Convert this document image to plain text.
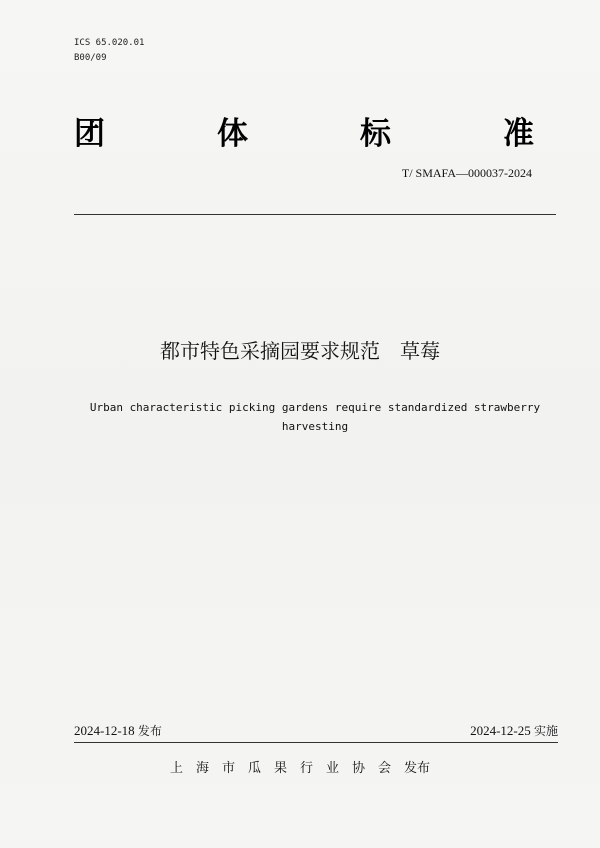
ICS 65.020.01
B00/09
团	体	标	准
T/ SMAFA—000037-2024
都市特色采摘园要求规范　草莓
Urban characteristic picking gardens require standardized strawberry
harvesting
2024-12-18 发布	2024-12-25 实施
上海市瓜果行业协会发布
